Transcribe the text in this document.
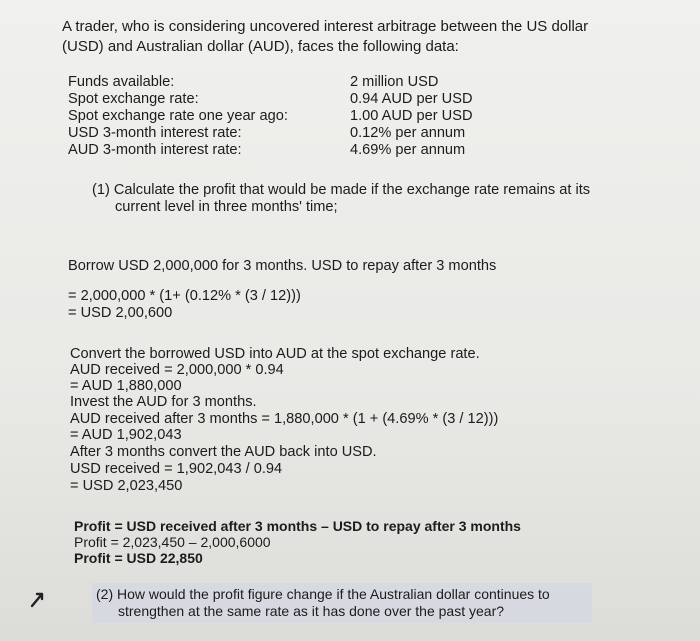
A trader, who is considering uncovered interest arbitrage between the US dollar
(USD) and Australian dollar (AUD), faces the following data:
Funds available:	2 million USD
Spot exchange rate:	0.94 AUD per USD
Spot exchange rate one year ago:	1.00 AUD per USD
USD 3-month interest rate:	0.12% per annum
AUD 3-month interest rate:	4.69% per annum
(1) Calculate the profit that would be made if the exchange rate remains at its
current level in three months' time;
Borrow USD 2,000,000 for 3 months. USD to repay after 3 months
= 2,000,000 * (1+ (0.12% * (3 / 12)))
= USD 2,00,600
Convert the borrowed USD into AUD at the spot exchange rate.
AUD received = 2,000,000 * 0.94
= AUD 1,880,000
Invest the AUD for 3 months.
AUD received after 3 months = 1,880,000 * (1 + (4.69% * (3 / 12)))
= AUD 1,902,043
After 3 months convert the AUD back into USD.
USD received = 1,902,043 / 0.94
= USD 2,023,450
Profit = USD received after 3 months – USD to repay after 3 months
Profit = 2,023,450 – 2,000,6000
Profit = USD 22,850
(2) How would the profit figure change if the Australian dollar continues to
strengthen at the same rate as it has done over the past year?
